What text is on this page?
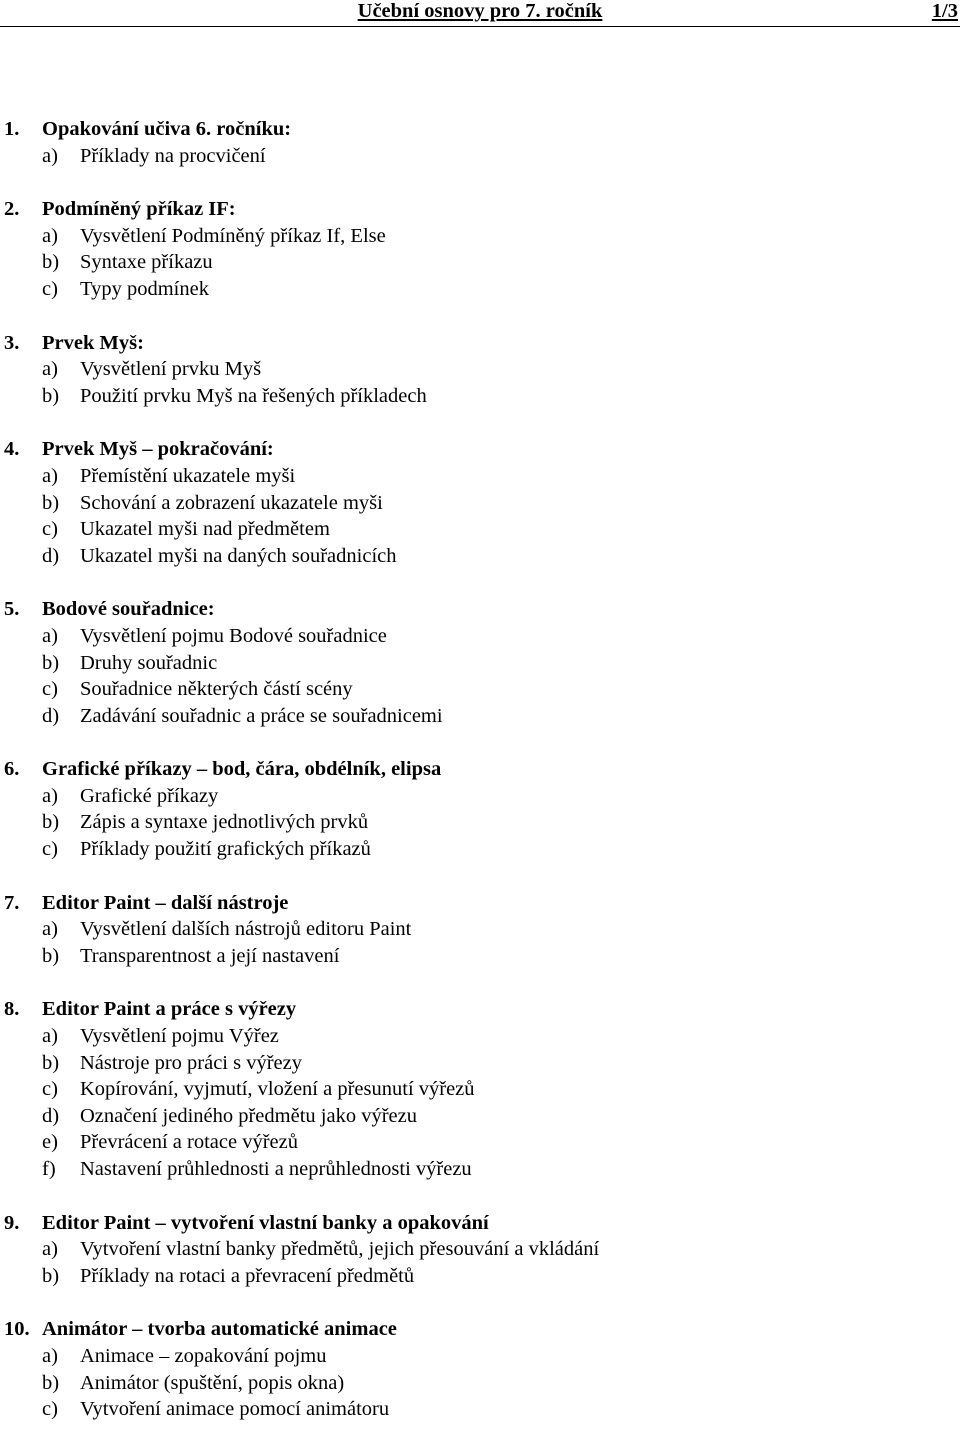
Učební osnovy pro 7. ročník	1/3
1. Opakování učiva 6. ročníku:
a) Příklady na procvičení
2. Podmíněný příkaz IF:
a) Vysvětlení Podmíněný příkaz If, Else
b) Syntaxe příkazu
c) Typy podmínek
3. Prvek Myš:
a) Vysvětlení prvku Myš
b) Použití prvku Myš na řešených příkladech
4. Prvek Myš – pokračování:
a) Přemístění ukazatele myši
b) Schování a zobrazení ukazatele myši
c) Ukazatel myši nad předmětem
d) Ukazatel myši na daných souřadnicích
5. Bodové souřadnice:
a) Vysvětlení pojmu Bodové souřadnice
b) Druhy souřadnic
c) Souřadnice některých částí scény
d) Zadávání souřadnic a práce se souřadnicemi
6. Grafické příkazy – bod, čára, obdélník, elipsa
a) Grafické příkazy
b) Zápis a syntaxe jednotlivých prvků
c) Příklady použití grafických příkazů
7. Editor Paint – další nástroje
a) Vysvětlení dalších nástrojů editoru Paint
b) Transparentnost a její nastavení
8. Editor Paint a práce s výřezy
a) Vysvětlení pojmu Výřez
b) Nástroje pro práci s výřezy
c) Kopírování, vyjmutí, vložení a přesunutí výřezů
d) Označení jediného předmětu jako výřezu
e) Převrácení a rotace výřezů
f) Nastavení průhlednosti a neprůhlednosti výřezu
9. Editor Paint – vytvoření vlastní banky a opakování
a) Vytvoření vlastní banky předmětů, jejich přesouvání a vkládání
b) Příklady na rotaci a převracení předmětů
10. Animátor – tvorba automatické animace
a) Animace – zopakování pojmu
b) Animátor (spuštění, popis okna)
c) Vytvoření animace pomocí animátoru
